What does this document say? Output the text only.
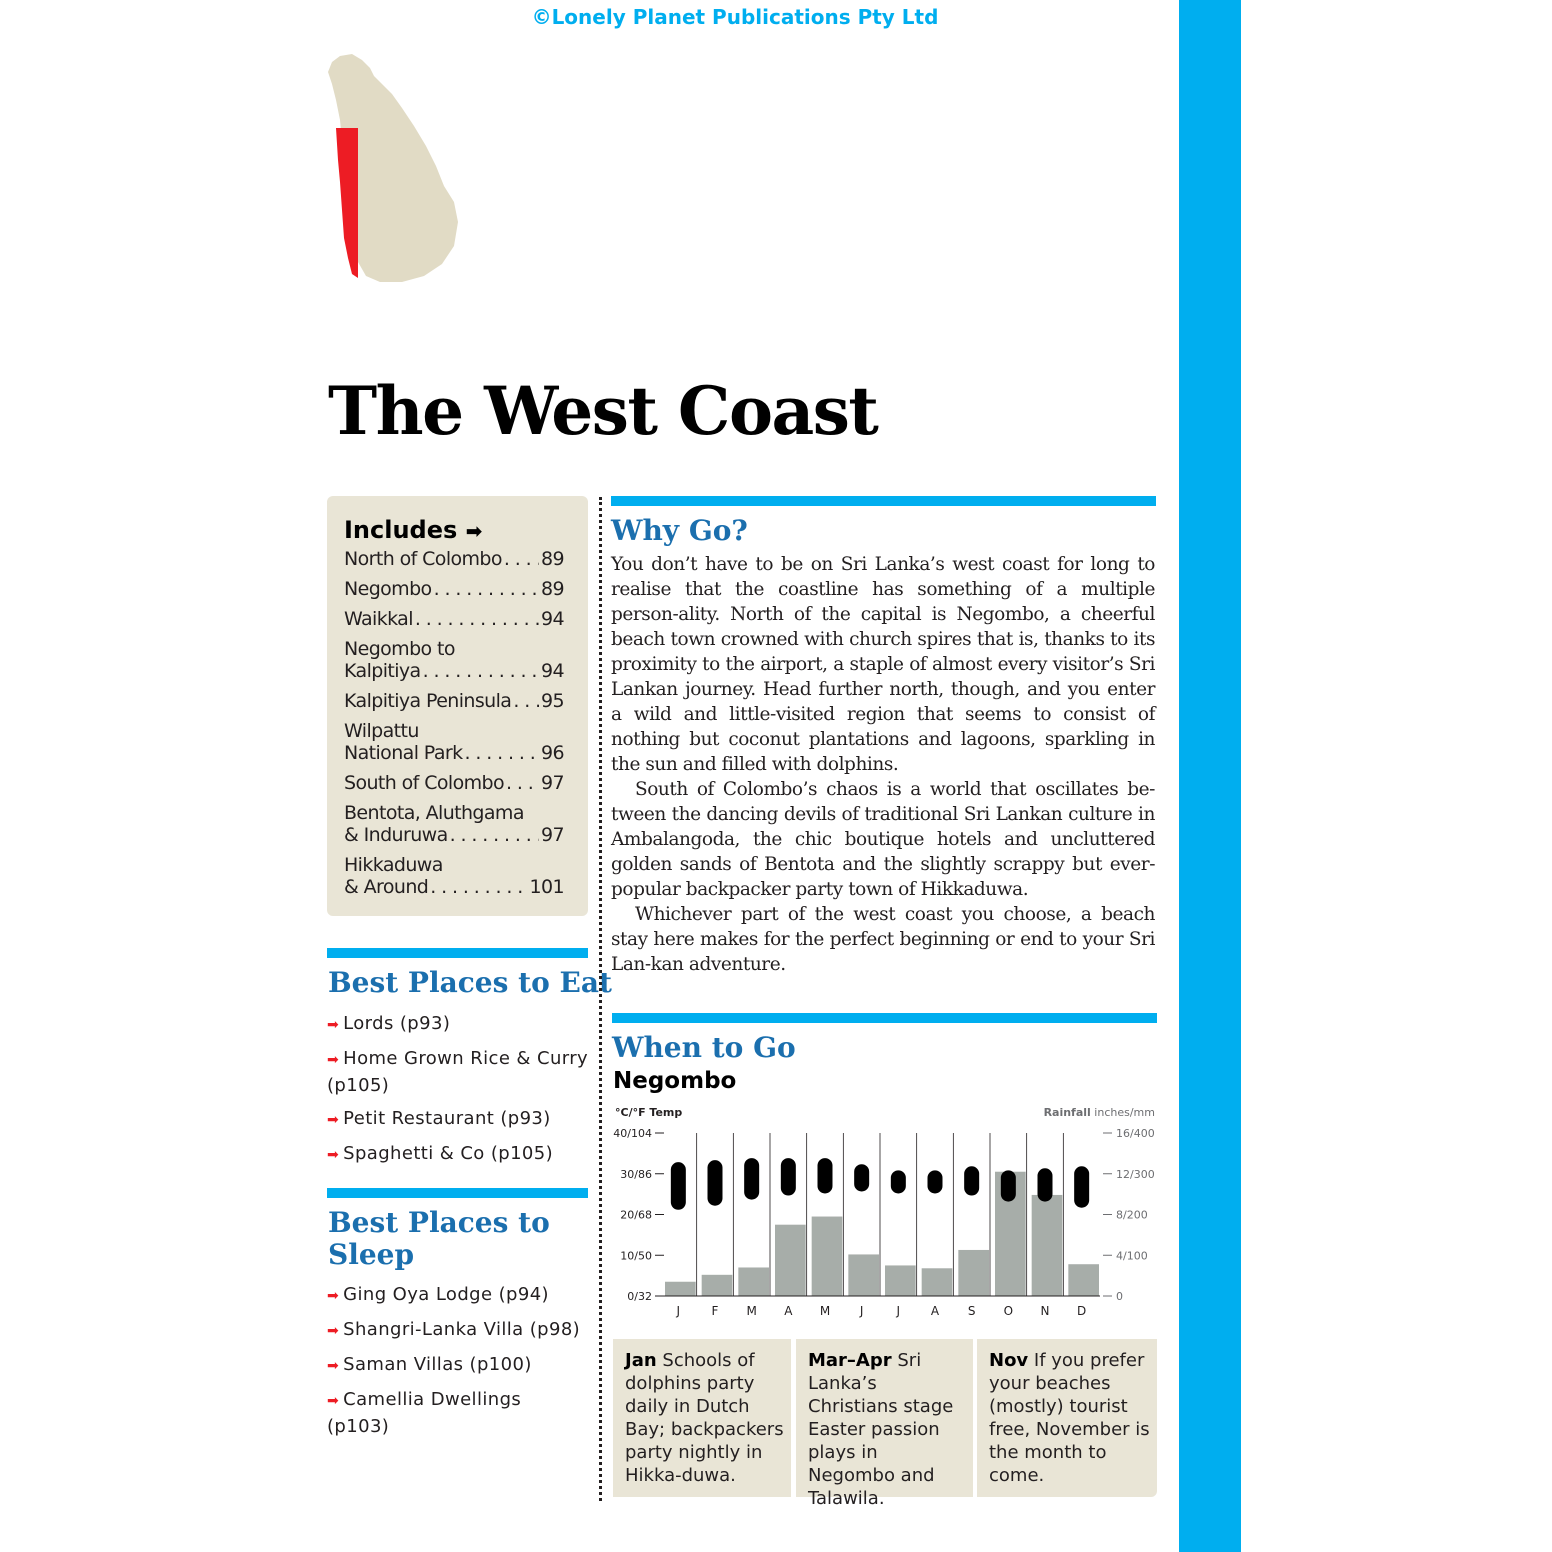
©Lonely Planet Publications Pty Ltd
The West Coast
Includes ➡
North of Colombo . . . 89
Negombo . . .	89
Waikkal . . .	94
Negombo to
Kalpitiya . . .	94
Kalpitiya Peninsula . . . 95
Wilpattu
National Park . . .	96
South of Colombo . . . 97
Bentota, Aluthgama
& Induruwa . . .	97
Hikkaduwa
& Around . . .	101
Best Places to Eat
➡ Lords (p93)
➡ Home Grown Rice & Curry (p105)
➡ Petit Restaurant (p93)
➡ Spaghetti & Co (p105)
Best Places to Sleep
➡ Ging Oya Lodge (p94)
➡ Shangri-Lanka Villa (p98)
➡ Saman Villas (p100)
➡ Camellia Dwellings (p103)
Why Go?

You don’t have to be on Sri Lanka’s west coast for long to realise that the coastline has something of a multiple person-ality. North of the capital is Negombo, a cheerful beach town crowned with church spires that is, thanks to its proximity to the airport, a staple of almost every visitor’s Sri Lankan journey. Head further north, though, and you enter a wild and little-visited region that seems to consist of nothing but coconut plantations and lagoons, sparkling in the sun and filled with dolphins.

South of Colombo’s chaos is a world that oscillates be-tween the dancing devils of traditional Sri Lankan culture in Ambalangoda, the chic boutique hotels and uncluttered golden sands of Bentota and the slightly scrappy but ever-popular backpacker party town of Hikkaduwa.

Whichever part of the west coast you choose, a beach stay here makes for the perfect beginning or end to your Sri Lan-kan adventure.

When to Go
Negombo
°C/°F Temp	Rainfall inches/mm
40/104
30/86
20/68
10/50
0/32
16/400
12/300
8/200
4/100
0
J	F M A M J	J	A S O N D
Jan Schools of dolphins party daily in Dutch Bay; backpackers party nightly in Hikka-duwa.
Mar–Apr Sri Lanka’s Christians stage Easter passion plays in Negombo and Talawila.
Nov If you prefer your beaches (mostly) tourist free, November is the month to come.
